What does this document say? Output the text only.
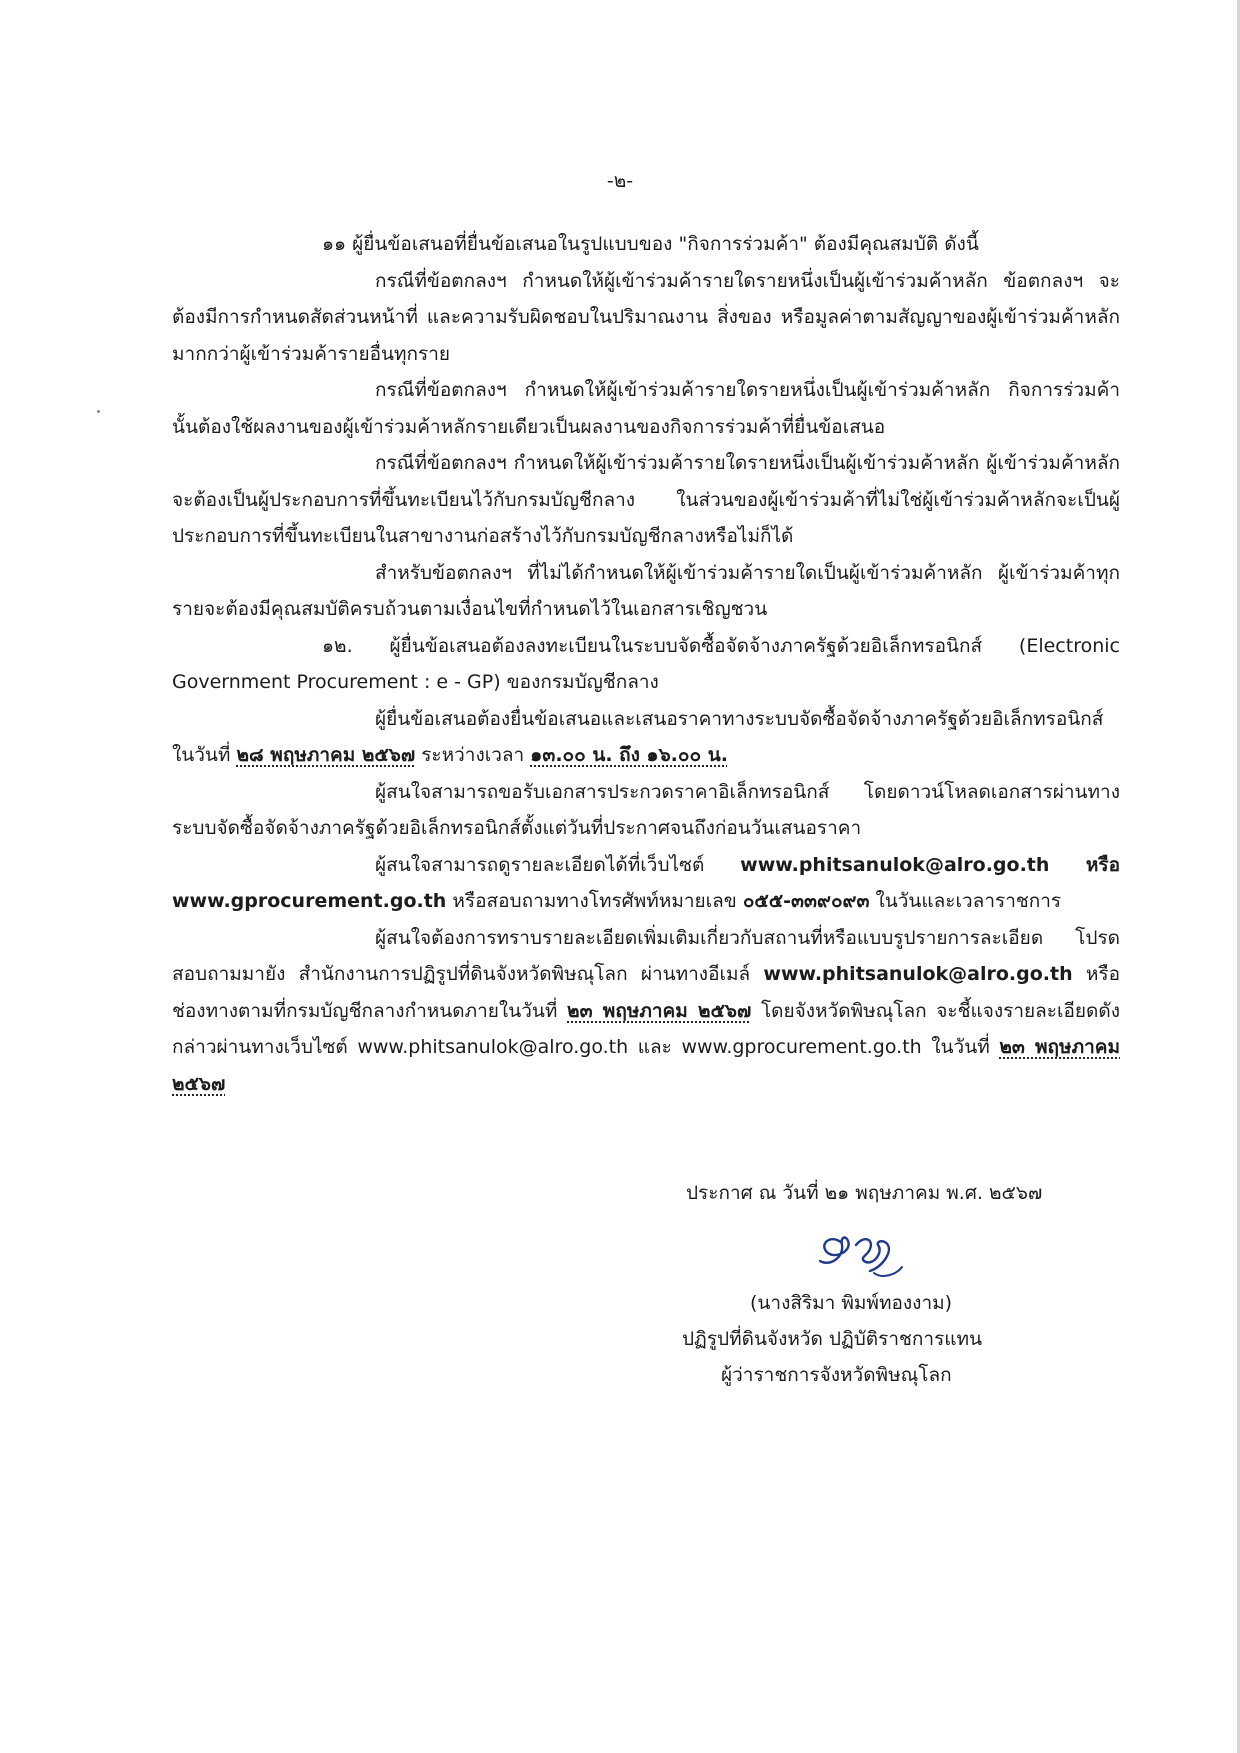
-๒-

๑๑ ผู้ยื่นข้อเสนอที่ยื่นข้อเสนอในรูปแบบของ "กิจการร่วมค้า" ต้องมีคุณสมบัติ ดังนี้

กรณีที่ข้อตกลงฯ กำหนดให้ผู้เข้าร่วมค้ารายใดรายหนึ่งเป็นผู้เข้าร่วมค้าหลัก ข้อตกลงฯ จะต้องมีการกำหนดสัดส่วนหน้าที่ และความรับผิดชอบในปริมาณงาน สิ่งของ หรือมูลค่าตามสัญญาของผู้เข้าร่วมค้าหลักมากกว่าผู้เข้าร่วมค้ารายอื่นทุกราย

กรณีที่ข้อตกลงฯ กำหนดให้ผู้เข้าร่วมค้ารายใดรายหนึ่งเป็นผู้เข้าร่วมค้าหลัก กิจการร่วมค้านั้นต้องใช้ผลงานของผู้เข้าร่วมค้าหลักรายเดียวเป็นผลงานของกิจการร่วมค้าที่ยื่นข้อเสนอ

กรณีที่ข้อตกลงฯ กำหนดให้ผู้เข้าร่วมค้ารายใดรายหนึ่งเป็นผู้เข้าร่วมค้าหลัก ผู้เข้าร่วมค้าหลักจะต้องเป็นผู้ประกอบการที่ขึ้นทะเบียนไว้กับกรมบัญชีกลาง ในส่วนของผู้เข้าร่วมค้าที่ไม่ใช่ผู้เข้าร่วมค้าหลักจะเป็นผู้ประกอบการที่ขึ้นทะเบียนในสาขางานก่อสร้างไว้กับกรมบัญชีกลางหรือไม่ก็ได้

สำหรับข้อตกลงฯ ที่ไม่ได้กำหนดให้ผู้เข้าร่วมค้ารายใดเป็นผู้เข้าร่วมค้าหลัก ผู้เข้าร่วมค้าทุกรายจะต้องมีคุณสมบัติครบถ้วนตามเงื่อนไขที่กำหนดไว้ในเอกสารเชิญชวน

๑๒. ผู้ยื่นข้อเสนอต้องลงทะเบียนในระบบจัดซื้อจัดจ้างภาครัฐด้วยอิเล็กทรอนิกส์ (Electronic Government Procurement : e - GP) ของกรมบัญชีกลาง

ผู้ยื่นข้อเสนอต้องยื่นข้อเสนอและเสนอราคาทางระบบจัดซื้อจัดจ้างภาครัฐด้วยอิเล็กทรอนิกส์ ในวันที่ ๒๘ พฤษภาคม ๒๕๖๗ ระหว่างเวลา ๑๓.๐๐ น. ถึง ๑๖.๐๐ น.

ผู้สนใจสามารถขอรับเอกสารประกวดราคาอิเล็กทรอนิกส์ โดยดาวน์โหลดเอกสารผ่านทางระบบจัดซื้อจัดจ้างภาครัฐด้วยอิเล็กทรอนิกส์ตั้งแต่วันที่ประกาศจนถึงก่อนวันเสนอราคา

ผู้สนใจสามารถดูรายละเอียดได้ที่เว็บไซต์ www.phitsanulok@alro.go.th หรือ www.gprocurement.go.th หรือสอบถามทางโทรศัพท์หมายเลข ๐๕๕-๓๓๙๐๙๓ ในวันและเวลาราชการ

ผู้สนใจต้องการทราบรายละเอียดเพิ่มเติมเกี่ยวกับสถานที่หรือแบบรูปรายการละเอียด โปรดสอบถามมายัง สำนักงานการปฏิรูปที่ดินจังหวัดพิษณุโลก ผ่านทางอีเมล์ www.phitsanulok@alro.go.th หรือช่องทางตามที่กรมบัญชีกลางกำหนดภายในวันที่ ๒๓ พฤษภาคม ๒๕๖๗ โดยจังหวัดพิษณุโลก จะชี้แจงรายละเอียดดังกล่าวผ่านทางเว็บไซต์ www.phitsanulok@alro.go.th และ www.gprocurement.go.th ในวันที่ ๒๓ พฤษภาคม ๒๕๖๗

ประกาศ ณ วันที่ ๒๑ พฤษภาคม พ.ศ. ๒๕๖๗
(นางสิริมา พิมพ์ทองงาม)
ปฏิรูปที่ดินจังหวัด ปฏิบัติราชการแทน
ผู้ว่าราชการจังหวัดพิษณุโลก
